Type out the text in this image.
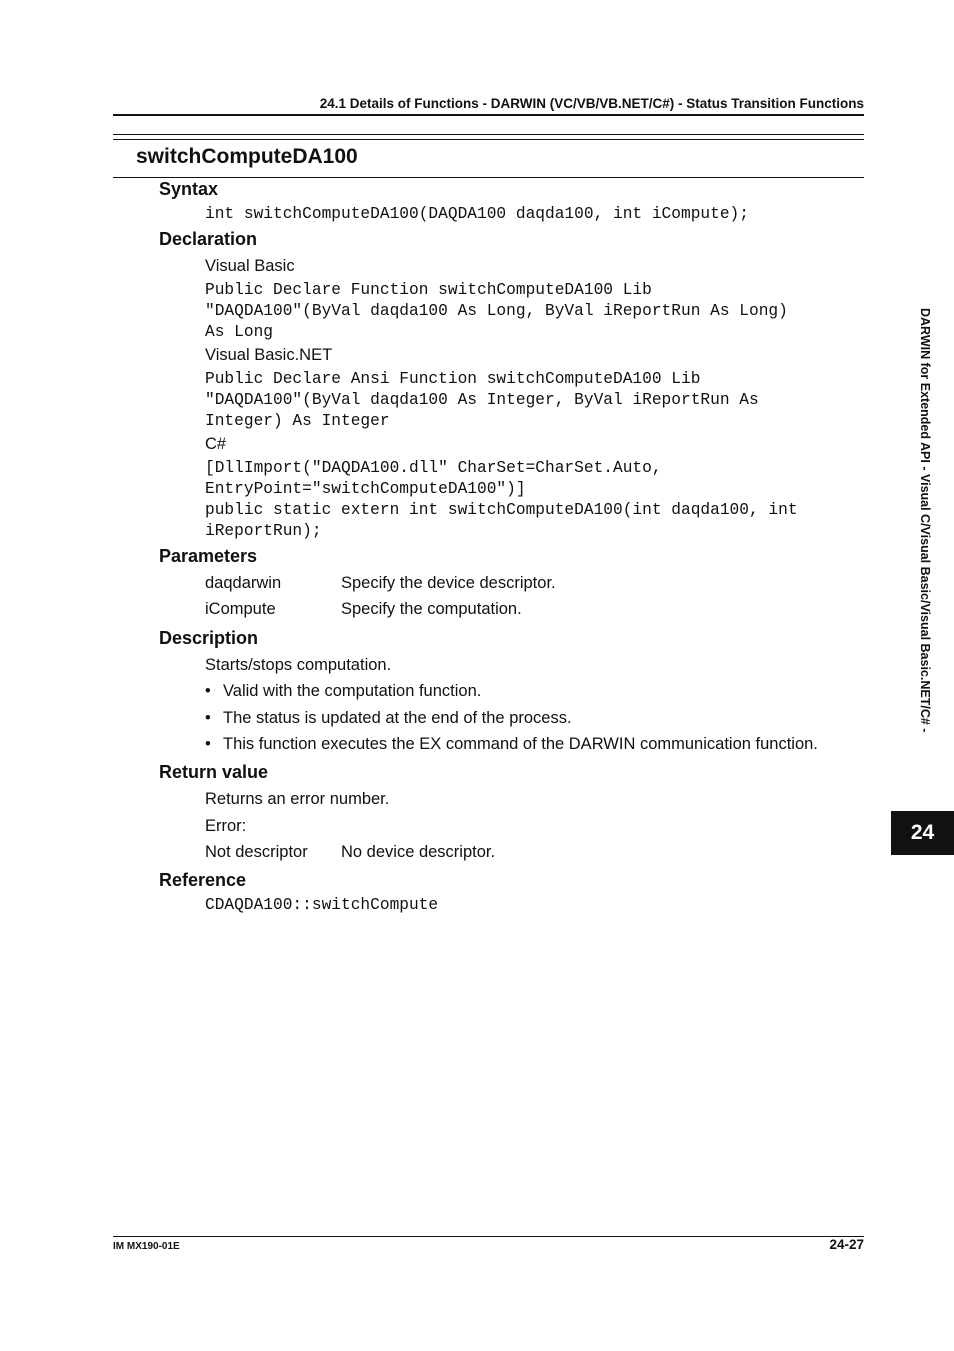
24.1 Details of Functions - DARWIN (VC/VB/VB.NET/C#) - Status Transition Functions
switchComputeDA100
Syntax
int switchComputeDA100(DAQDA100 daqda100, int iCompute);
Declaration
Visual Basic
Public Declare Function switchComputeDA100 Lib
"DAQDA100"(ByVal daqda100 As Long, ByVal iReportRun As Long)
As Long
Visual Basic.NET
Public Declare Ansi Function switchComputeDA100 Lib
"DAQDA100"(ByVal daqda100 As Integer, ByVal iReportRun As
Integer) As Integer
C#
[DllImport("DAQDA100.dll" CharSet=CharSet.Auto,
EntryPoint="switchComputeDA100")]
public static extern int switchComputeDA100(int daqda100, int
iReportRun);
Parameters
daqdarwin	Specify the device descriptor.
iCompute	Specify the computation.
Description
Starts/stops computation.
• Valid with the computation function.
• The status is updated at the end of the process.
• This function executes the EX command of the DARWIN communication function.
Return value
Returns an error number.
Error:
Not descriptor No device descriptor.
Reference
CDAQDA100::switchCompute
DARWIN for Extended API - Visual C/Visual Basic/Visual Basic.NET/C# -
24
IM MX190-01E	24-27
